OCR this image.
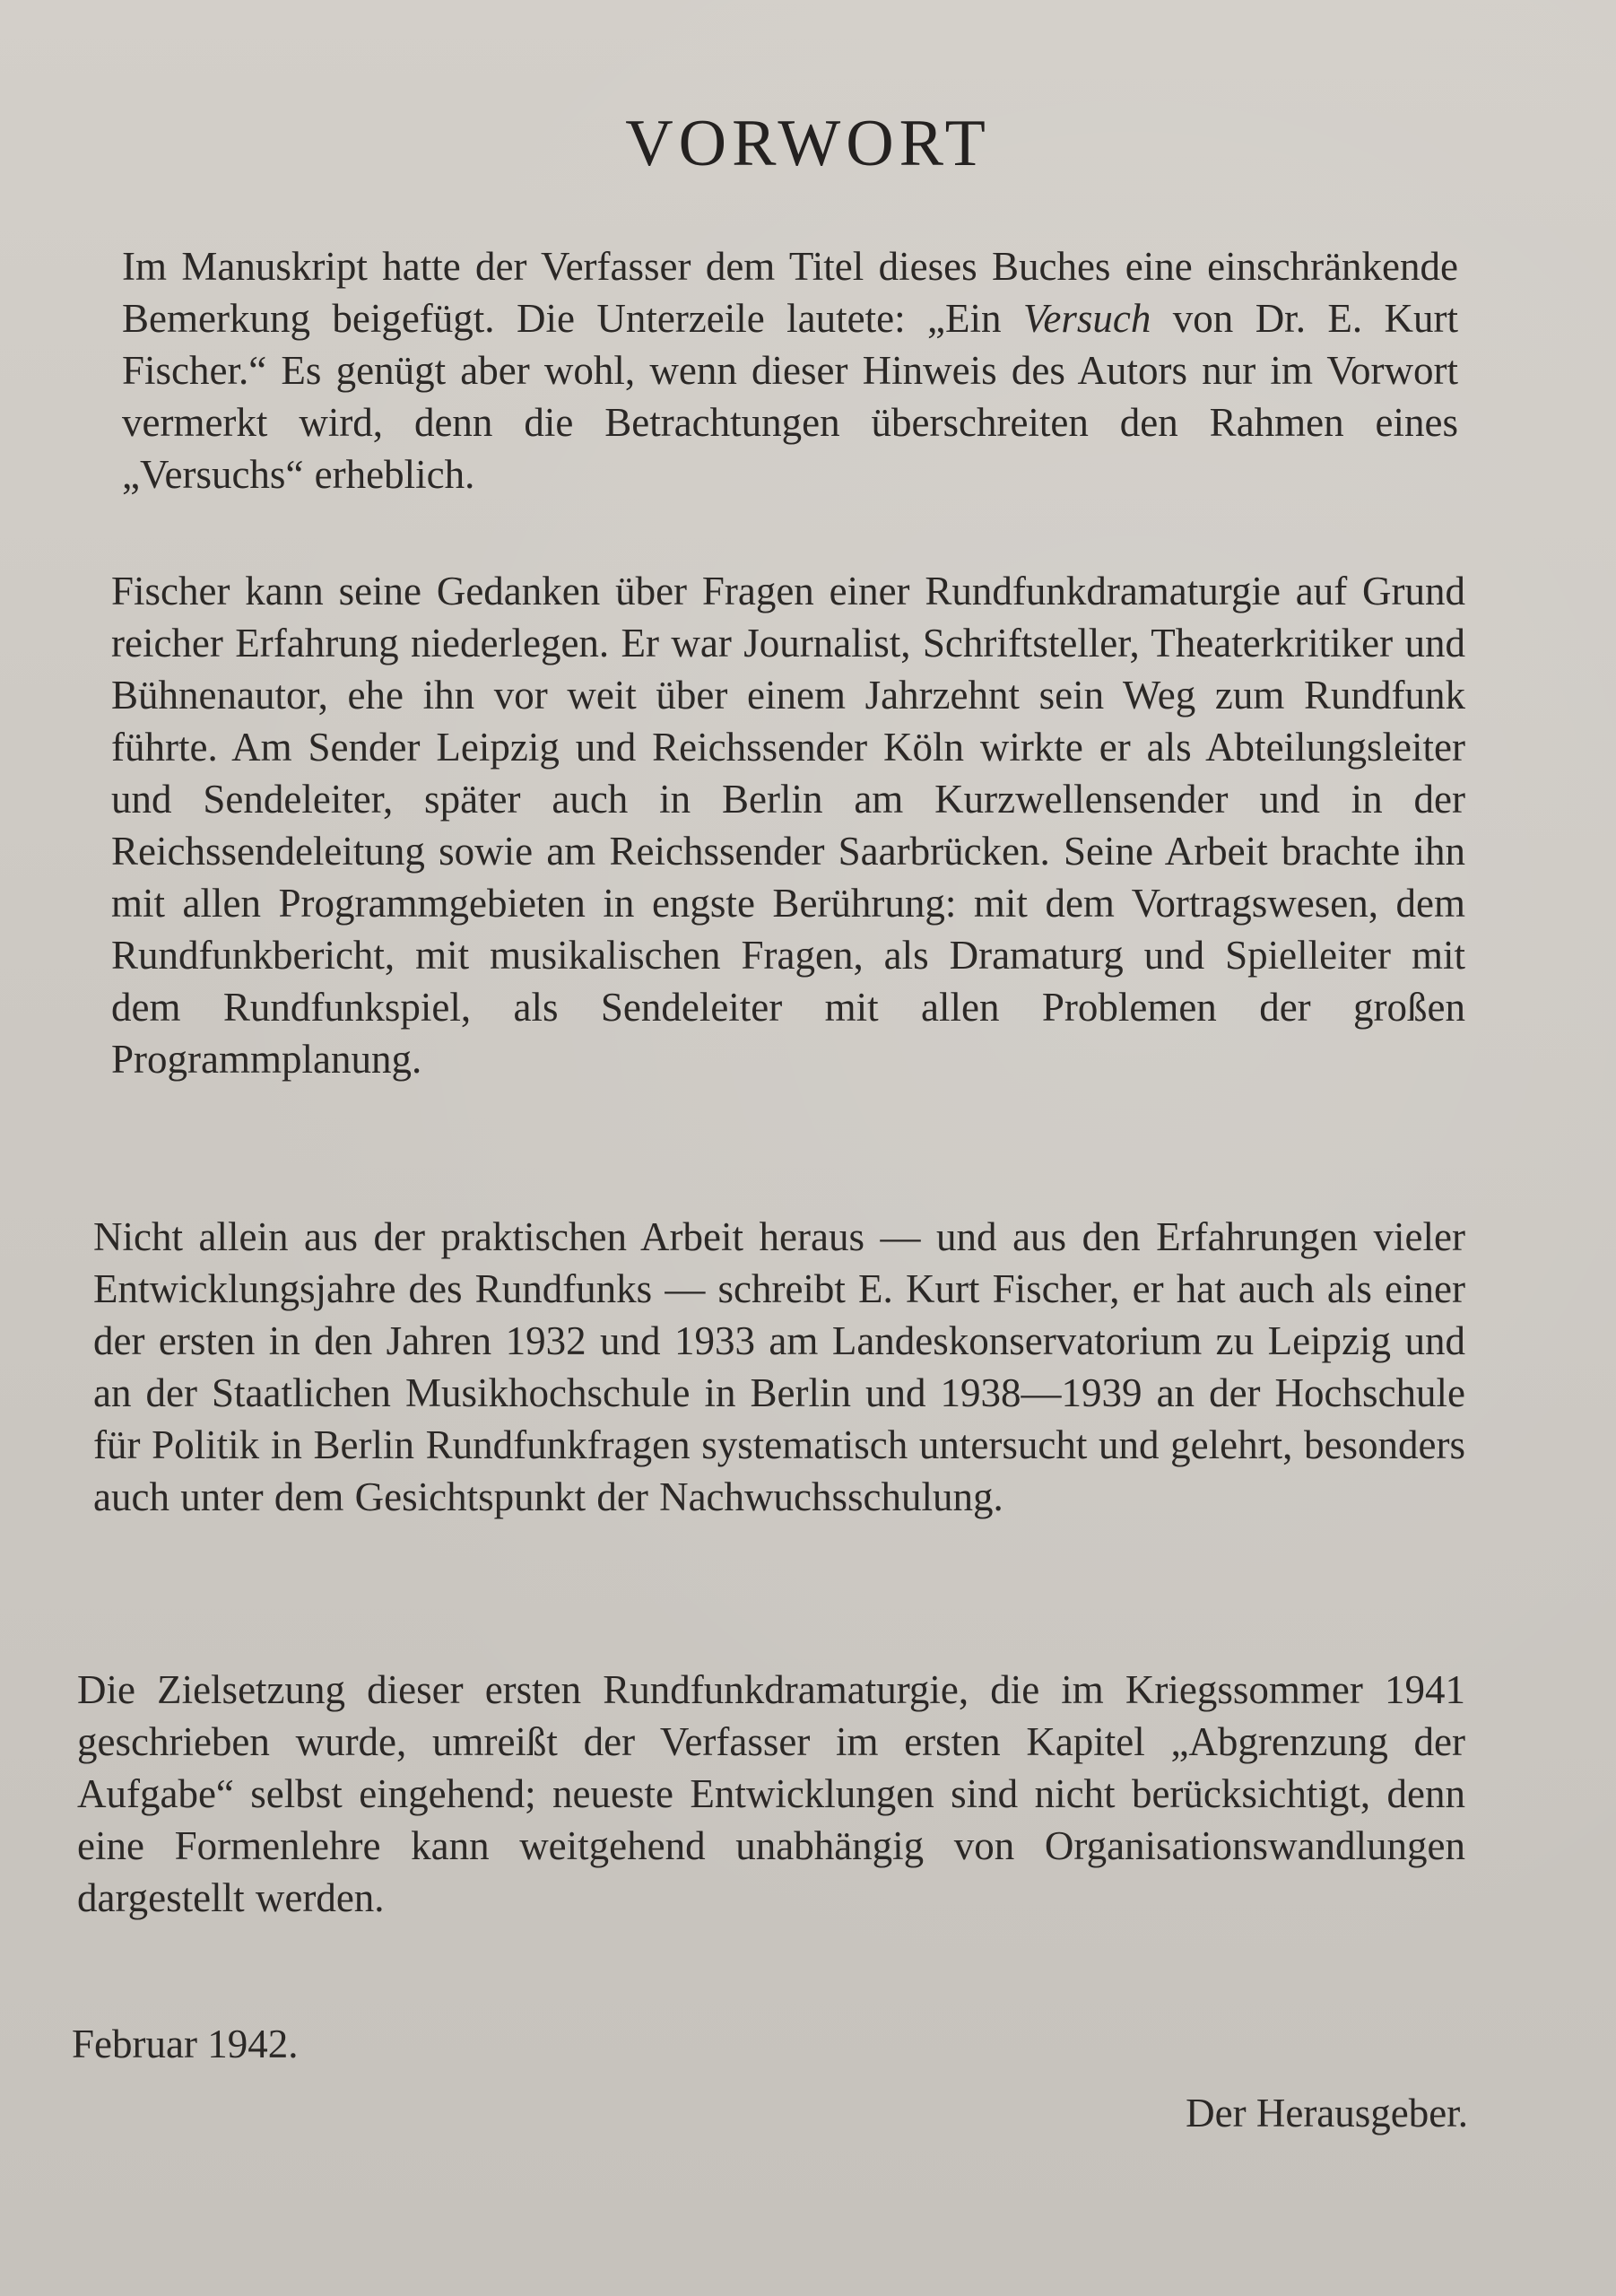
VORWORT

Im Manuskript hatte der Verfasser dem Titel dieses Buches eine einschränkende Bemerkung beigefügt. Die Unterzeile lautete: „Ein Versuch von Dr. E. Kurt Fischer.“ Es genügt aber wohl, wenn dieser Hinweis des Autors nur im Vorwort vermerkt wird, denn die Betrachtungen überschreiten den Rahmen eines „Versuchs“ erheblich.

Fischer kann seine Gedanken über Fragen einer Rundfunkdramaturgie auf Grund reicher Erfahrung niederlegen. Er war Journalist, Schriftsteller, Theaterkritiker und Bühnenautor, ehe ihn vor weit über einem Jahrzehnt sein Weg zum Rundfunk führte. Am Sender Leipzig und Reichssender Köln wirkte er als Abteilungsleiter und Sendeleiter, später auch in Berlin am Kurzwellensender und in der Reichssendeleitung sowie am Reichssender Saarbrücken. Seine Arbeit brachte ihn mit allen Programmgebieten in engste Berührung: mit dem Vortragswesen, dem Rundfunkbericht, mit musikalischen Fragen, als Dramaturg und Spielleiter mit dem Rundfunkspiel, als Sendeleiter mit allen Problemen der großen Programmplanung.

Nicht allein aus der praktischen Arbeit heraus — und aus den Erfahrungen vieler Entwicklungsjahre des Rundfunks — schreibt E. Kurt Fischer, er hat auch als einer der ersten in den Jahren 1932 und 1933 am Landeskonservatorium zu Leipzig und an der Staatlichen Musikhochschule in Berlin und 1938—1939 an der Hochschule für Politik in Berlin Rundfunkfragen systematisch untersucht und gelehrt, besonders auch unter dem Gesichtspunkt der Nachwuchsschulung.

Die Zielsetzung dieser ersten Rundfunkdramaturgie, die im Kriegssommer 1941 geschrieben wurde, umreißt der Verfasser im ersten Kapitel „Abgrenzung der Aufgabe“ selbst eingehend; neueste Entwicklungen sind nicht berücksichtigt, denn eine Formenlehre kann weitgehend unabhängig von Organisationswandlungen dargestellt werden.

Februar 1942.

Der Herausgeber.
